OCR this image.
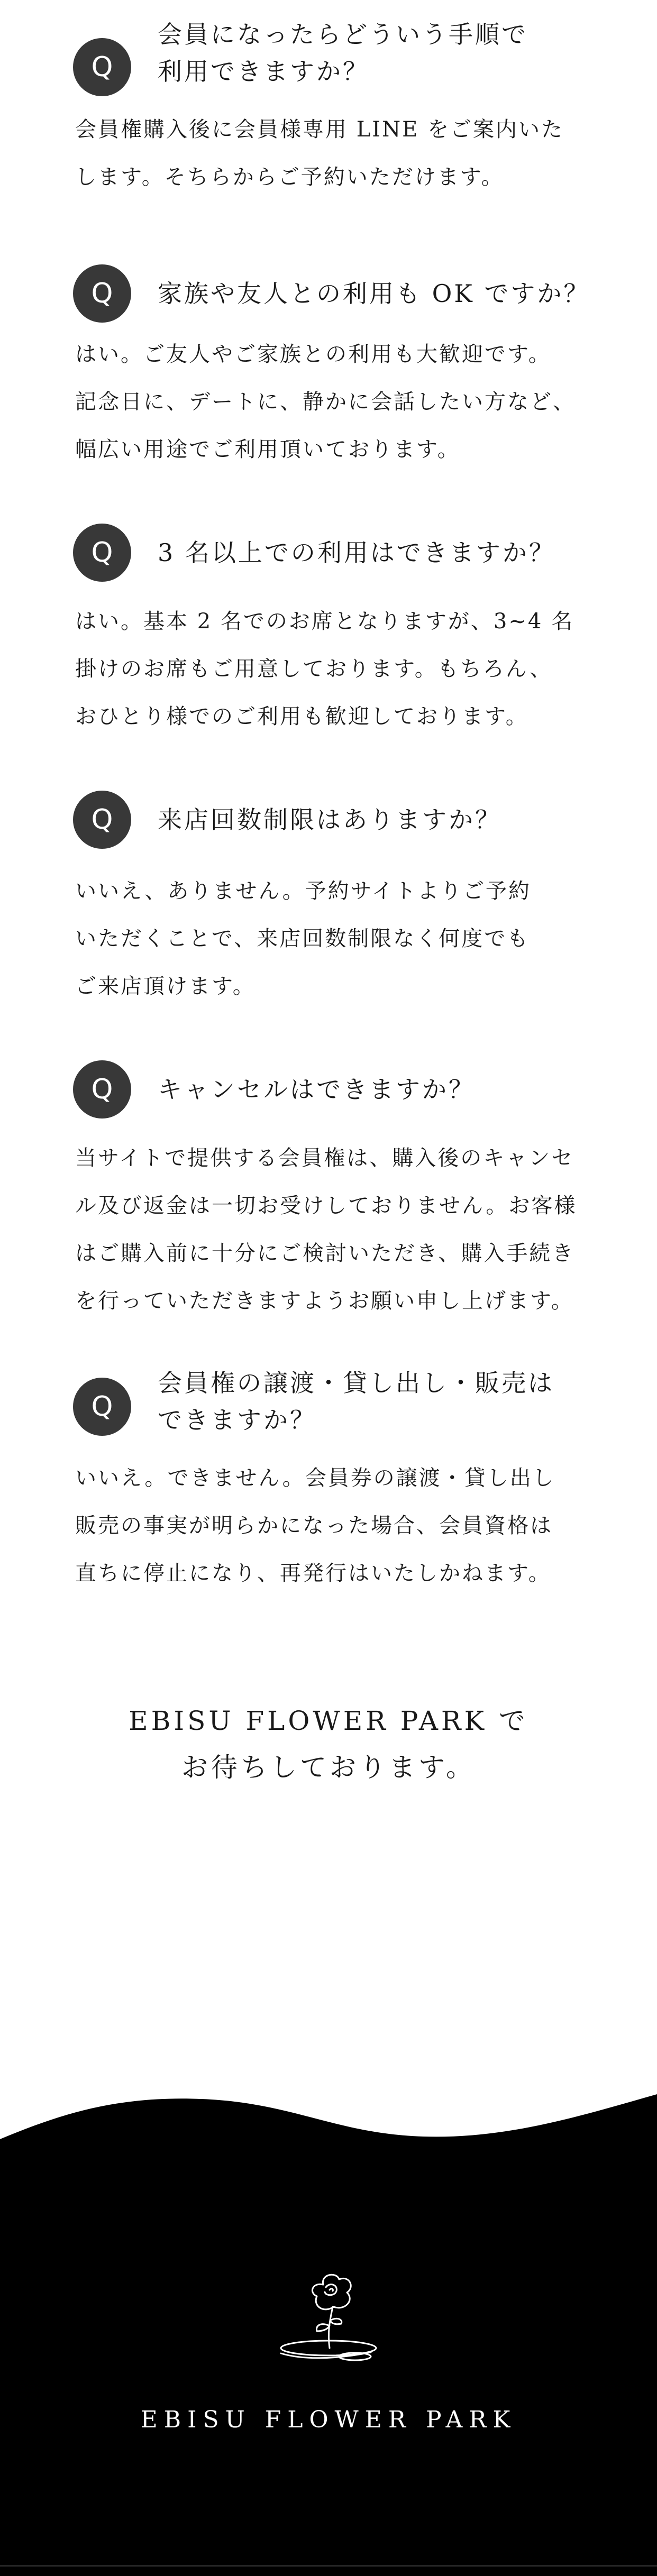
Q
会員になったらどういう手順で
利用できますか？
会員権購入後に会員様専用 LINE をご案内いた
します。そちらからご予約いただけます。
Q	家族や友人との利用も OK ですか？
はい。ご友人やご家族との利用も大歓迎です。
記念日に、デートに、静かに会話したい方など、
幅広い用途でご利用頂いております。
Q	3 名以上での利用はできますか？
はい。基本 2 名でのお席となりますが、3~4 名
掛けのお席もご用意しております。もちろん、
おひとり様でのご利用も歓迎しております。
Q	来店回数制限はありますか？
いいえ、ありません。予約サイトよりご予約
いただくことで、来店回数制限なく何度でも
ご来店頂けます。
Q	キャンセルはできますか？
当サイトで提供する会員権は、購入後のキャンセ
ル及び返金は一切お受けしておりません。お客様
はご購入前に十分にご検討いただき、購入手続き
を行っていただきますようお願い申し上げます。
Q
会員権の譲渡・貸し出し・販売は
できますか？
いいえ。できません。会員券の譲渡・貸し出し
販売の事実が明らかになった場合、会員資格は
直ちに停止になり、再発行はいたしかねます。
EBISU FLOWER PARK で
お待ちしております。
EBISU FLOWER PARK
